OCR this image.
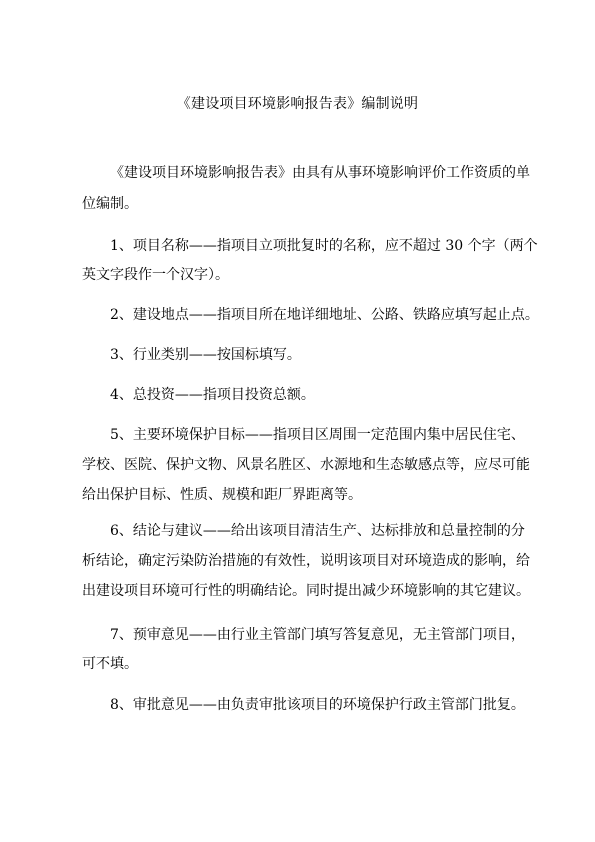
《建设项目环境影响报告表》编制说明
《建设项目环境影响报告表》由具有从事环境影响评价工作资质的单
位编制。
1、项目名称——指项目立项批复时的名称，应不超过 30 个字（两个
英文字段作一个汉字）。
2、建设地点——指项目所在地详细地址、公路、铁路应填写起止点。
3、行业类别——按国标填写。
4、总投资——指项目投资总额。
5、主要环境保护目标——指项目区周围一定范围内集中居民住宅、
学校、医院、保护文物、风景名胜区、水源地和生态敏感点等，应尽可能
给出保护目标、性质、规模和距厂界距离等。
6、结论与建议——给出该项目清洁生产、达标排放和总量控制的分
析结论，确定污染防治措施的有效性，说明该项目对环境造成的影响，给
出建设项目环境可行性的明确结论。同时提出减少环境影响的其它建议。
7、预审意见——由行业主管部门填写答复意见，无主管部门项目，
可不填。
8、审批意见——由负责审批该项目的环境保护行政主管部门批复。
